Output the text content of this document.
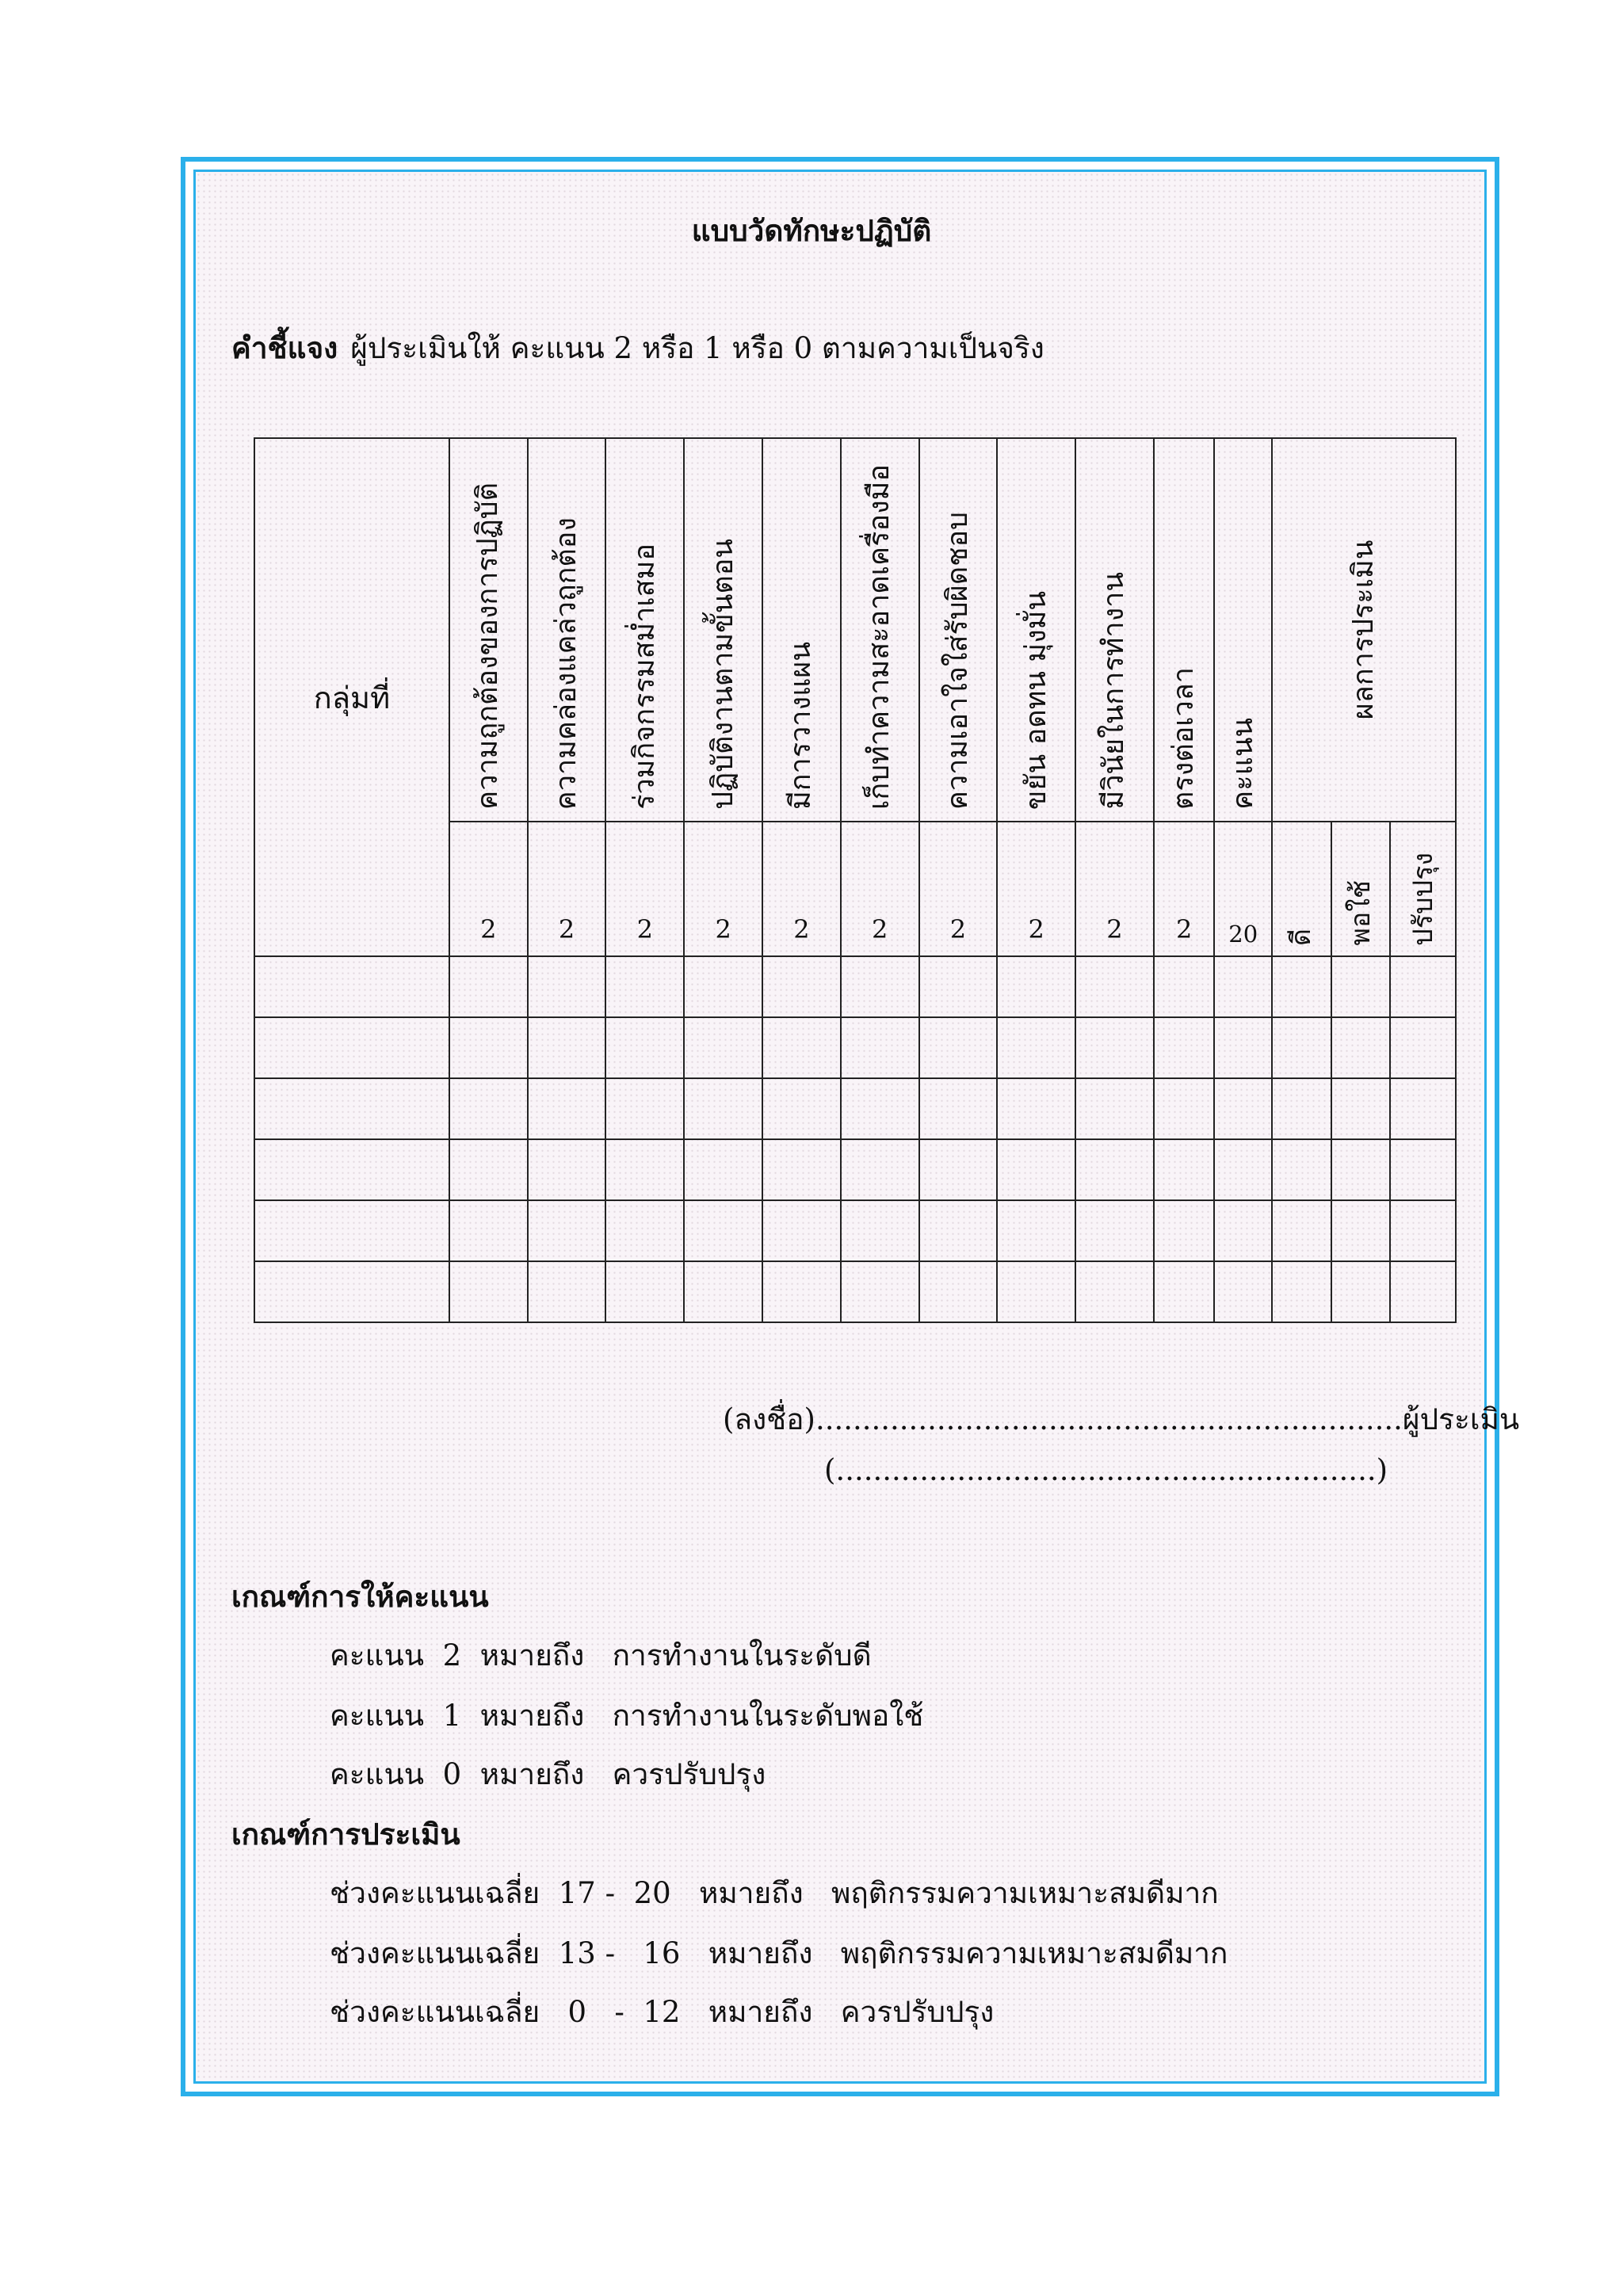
แบบวัดทักษะปฏิบัติ
คำชี้แจง ผู้ประเมินให้ คะแนน 2 หรือ 1 หรือ 0 ตามความเป็นจริง
กลุ่มที่	ความถูกต้องของการปฏิบัติ	ความคล่องแคล่วถูกต้อง	ร่วมกิจกรรมสม่ำเสมอ	ปฏิบัติงานตามขั้นตอน	มีการวางแผน	เก็บทำความสะอาดเครื่องมือ	ความเอาใจใส่รับผิดชอบ	ขยัน อดทน มุ่งมั่น	มีวินัยในการทำงาน	ตรงต่อเวลา	คะแนน	ผลการประเมิน		

	2	2	2	2	2	2	2	2	2	2	20	ดี	พอใช้	ปรับปรุง

(ลงชื่อ)...............................................................ผู้ประเมิน
(..........................................................)
เกณฑ์การให้คะแนน
คะแนน  2  หมายถึง   การทำงานในระดับดี
คะแนน  1  หมายถึง   การทำงานในระดับพอใช้
คะแนน  0  หมายถึง   ควรปรับปรุง
เกณฑ์การประเมิน
ช่วงคะแนนเฉลี่ย  17 -  20   หมายถึง   พฤติกรรมความเหมาะสมดีมาก
ช่วงคะแนนเฉลี่ย  13 -   16   หมายถึง   พฤติกรรมความเหมาะสมดีมาก
ช่วงคะแนนเฉลี่ย   0   -  12   หมายถึง   ควรปรับปรุง
